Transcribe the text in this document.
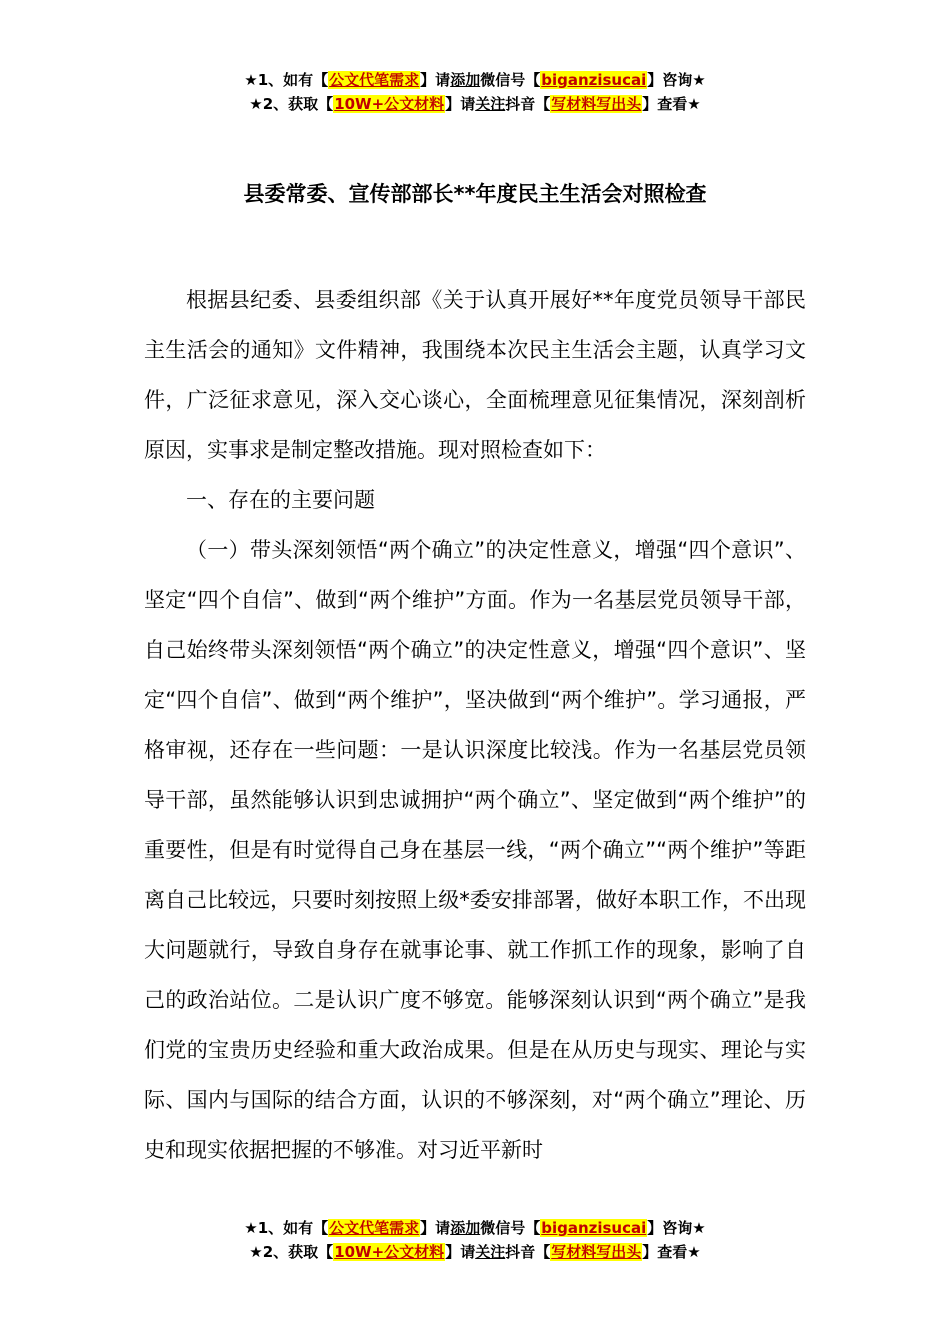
★1、如有【公文代笔需求】请添加微信号【biganzisucai】咨询★
★2、获取【10W+公文材料】请关注抖音【写材料写出头】查看★
县委常委、宣传部部长**年度民主生活会对照检查

根据县纪委、县委组织部《关于认真开展好**年度党员领导干部民主生活会的通知》文件精神，我围绕本次民主生活会主题，认真学习文件，广泛征求意见，深入交心谈心，全面梳理意见征集情况，深刻剖析原因，实事求是制定整改措施。现对照检查如下：

一、存在的主要问题

（一）带头深刻领悟“两个确立”的决定性意义，增强“四个意识”、坚定“四个自信”、做到“两个维护”方面。作为一名基层党员领导干部，自己始终带头深刻领悟“两个确立”的决定性意义，增强“四个意识”、坚定“四个自信”、做到“两个维护”，坚决做到“两个维护”。学习通报，严格审视，还存在一些问题：一是认识深度比较浅。作为一名基层党员领导干部，虽然能够认识到忠诚拥护“两个确立”、坚定做到“两个维护”的重要性，但是有时觉得自己身在基层一线，“两个确立”“两个维护”等距离自己比较远，只要时刻按照上级*委安排部署，做好本职工作，不出现大问题就行，导致自身存在就事论事、就工作抓工作的现象，影响了自己的政治站位。二是认识广度不够宽。能够深刻认识到“两个确立”是我们党的宝贵历史经验和重大政治成果。但是在从历史与现实、理论与实际、国内与国际的结合方面，认识的不够深刻，对“两个确立”理论、历史和现实依据把握的不够准。对习近平新时

★1、如有【公文代笔需求】请添加微信号【biganzisucai】咨询★
★2、获取【10W+公文材料】请关注抖音【写材料写出头】查看★
